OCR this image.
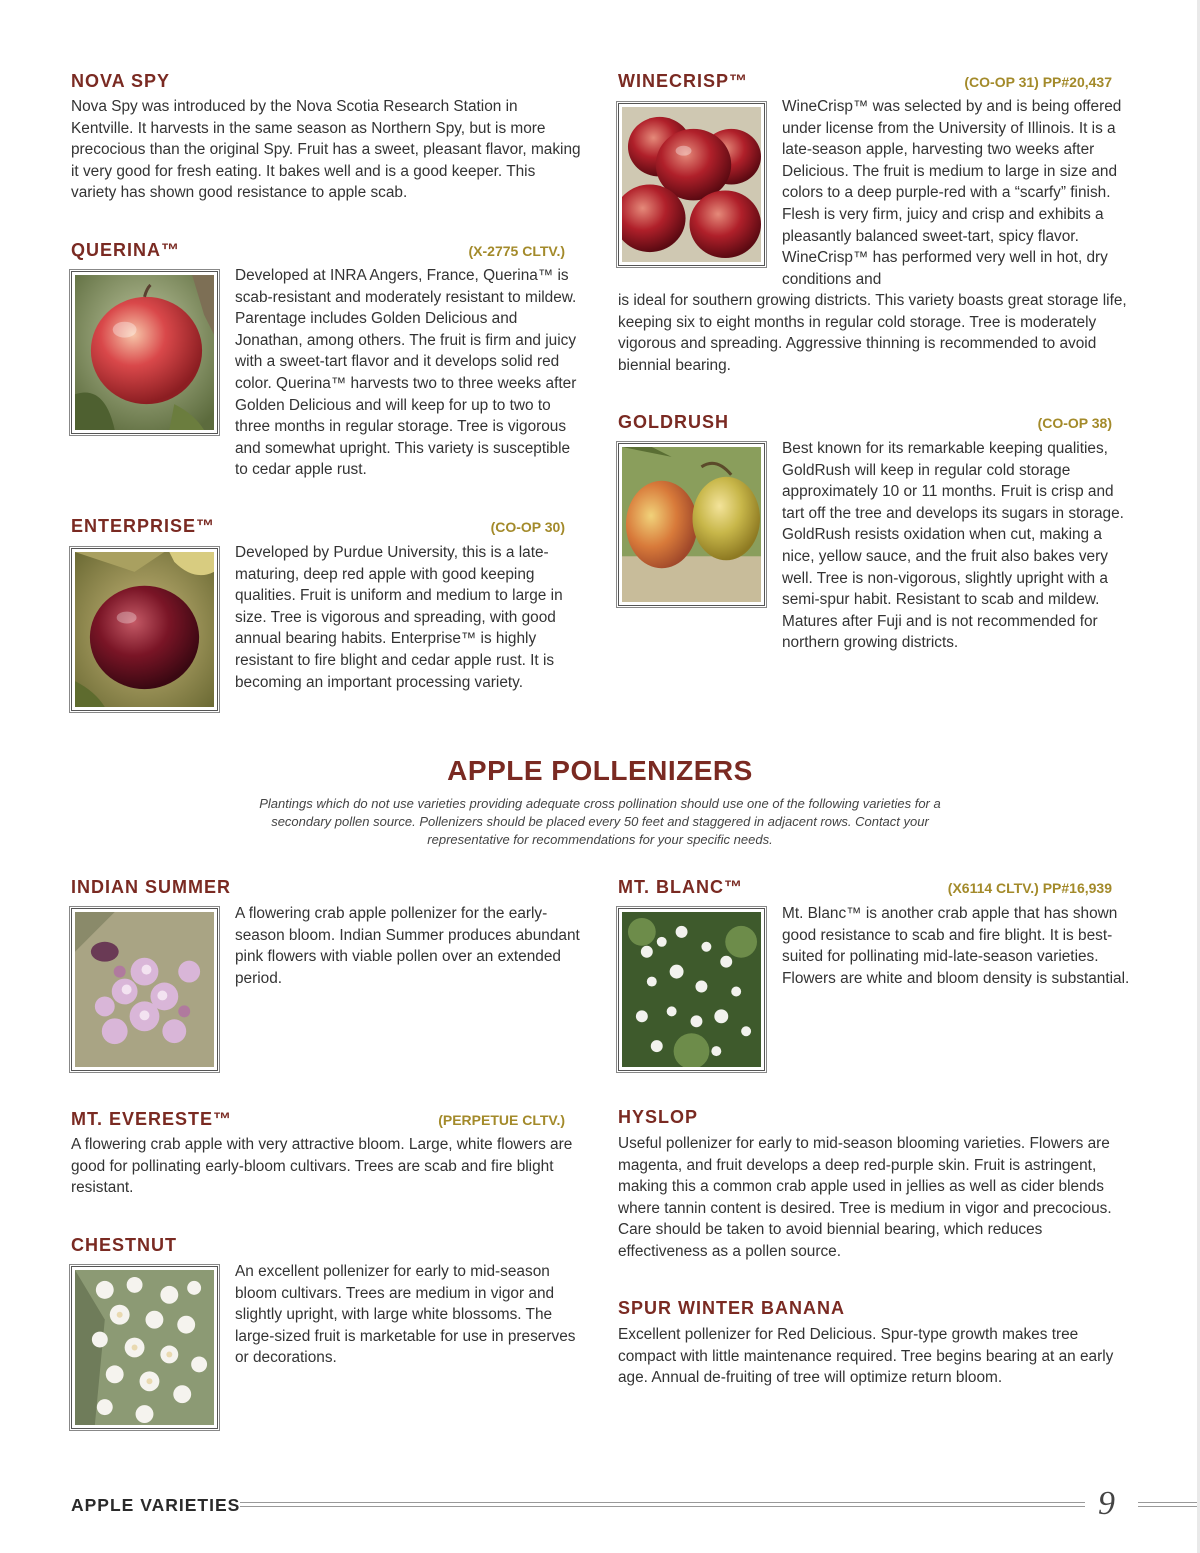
NOVA SPY
Nova Spy was introduced by the Nova Scotia Research Station in Kentville. It harvests in the same season as Northern Spy, but is more precocious than the original Spy. Fruit has a sweet, pleasant flavor, making it very good for fresh eating. It bakes well and is a good keeper. This variety has shown good resistance to apple scab.
QUERINA™	(X-2775 CLTV.)
Developed at INRA Angers, France, Querina™ is scab-resistant and moderately resistant to mildew. Parentage includes Golden Delicious and Jonathan, among others. The fruit is firm and juicy with a sweet-tart flavor and it develops solid red color. Querina™ harvests two to three weeks after Golden Delicious and will keep for up to two to three months in regular storage. Tree is vigorous and somewhat upright. This variety is susceptible to cedar apple rust.
ENTERPRISE™	(CO-OP 30)
Developed by Purdue University, this is a late-maturing, deep red apple with good keeping qualities. Fruit is uniform and medium to large in size. Tree is vigorous and spreading, with good annual bearing habits. Enterprise™ is highly resistant to fire blight and cedar apple rust. It is becoming an important processing variety.
WINECRISP™	(CO-OP 31) PP#20,437
WineCrisp™ was selected by and is being offered under license from the University of Illinois. It is a late-season apple, harvesting two weeks after Delicious. The fruit is medium to large in size and colors to a deep purple-red with a “scarfy” finish. Flesh is very firm, juicy and crisp and exhibits a pleasantly balanced sweet-tart, spicy flavor. WineCrisp™ has performed very well in hot, dry conditions and
is ideal for southern growing districts. This variety boasts great storage life, keeping six to eight months in regular cold storage. Tree is moderately vigorous and spreading. Aggressive thinning is recommended to avoid biennial bearing.
GOLDRUSH	(CO-OP 38)
Best known for its remarkable keeping qualities, GoldRush will keep in regular cold storage approximately 10 or 11 months. Fruit is crisp and tart off the tree and develops its sugars in storage. GoldRush resists oxidation when cut, making a nice, yellow sauce, and the fruit also bakes very well. Tree is non-vigorous, slightly upright with a semi-spur habit. Resistant to scab and mildew. Matures after Fuji and is not recommended for northern growing districts.
APPLE POLLENIZERS
Plantings which do not use varieties providing adequate cross pollination should use one of the following varieties for a secondary pollen source. Pollenizers should be placed every 50 feet and staggered in adjacent rows. Contact your representative for recommendations for your specific needs.
INDIAN SUMMER
A flowering crab apple pollenizer for the early-season bloom. Indian Summer produces abundant pink flowers with viable pollen over an extended period.
MT. BLANC™	(X6114 CLTV.) PP#16,939
Mt. Blanc™ is another crab apple that has shown good resistance to scab and fire blight. It is best-suited for pollinating mid-late-season varieties. Flowers are white and bloom density is substantial.
MT. EVERESTE™	(PERPETUE CLTV.)
A flowering crab apple with very attractive bloom. Large, white flowers are good for pollinating early-bloom cultivars. Trees are scab and fire blight resistant.
HYSLOP
Useful pollenizer for early to mid-season blooming varieties. Flowers are magenta, and fruit develops a deep red-purple skin. Fruit is astringent, making this a common crab apple used in jellies as well as cider blends where tannin content is desired. Tree is medium in vigor and precocious. Care should be taken to avoid biennial bearing, which reduces effectiveness as a pollen source.
CHESTNUT
An excellent pollenizer for early to mid-season bloom cultivars. Trees are medium in vigor and slightly upright, with large white blossoms. The large-sized fruit is marketable for use in preserves or decorations.
SPUR WINTER BANANA
Excellent pollenizer for Red Delicious. Spur-type growth makes tree compact with little maintenance required. Tree begins bearing at an early age. Annual de-fruiting of tree will optimize return bloom.
APPLE VARIETIES	9
